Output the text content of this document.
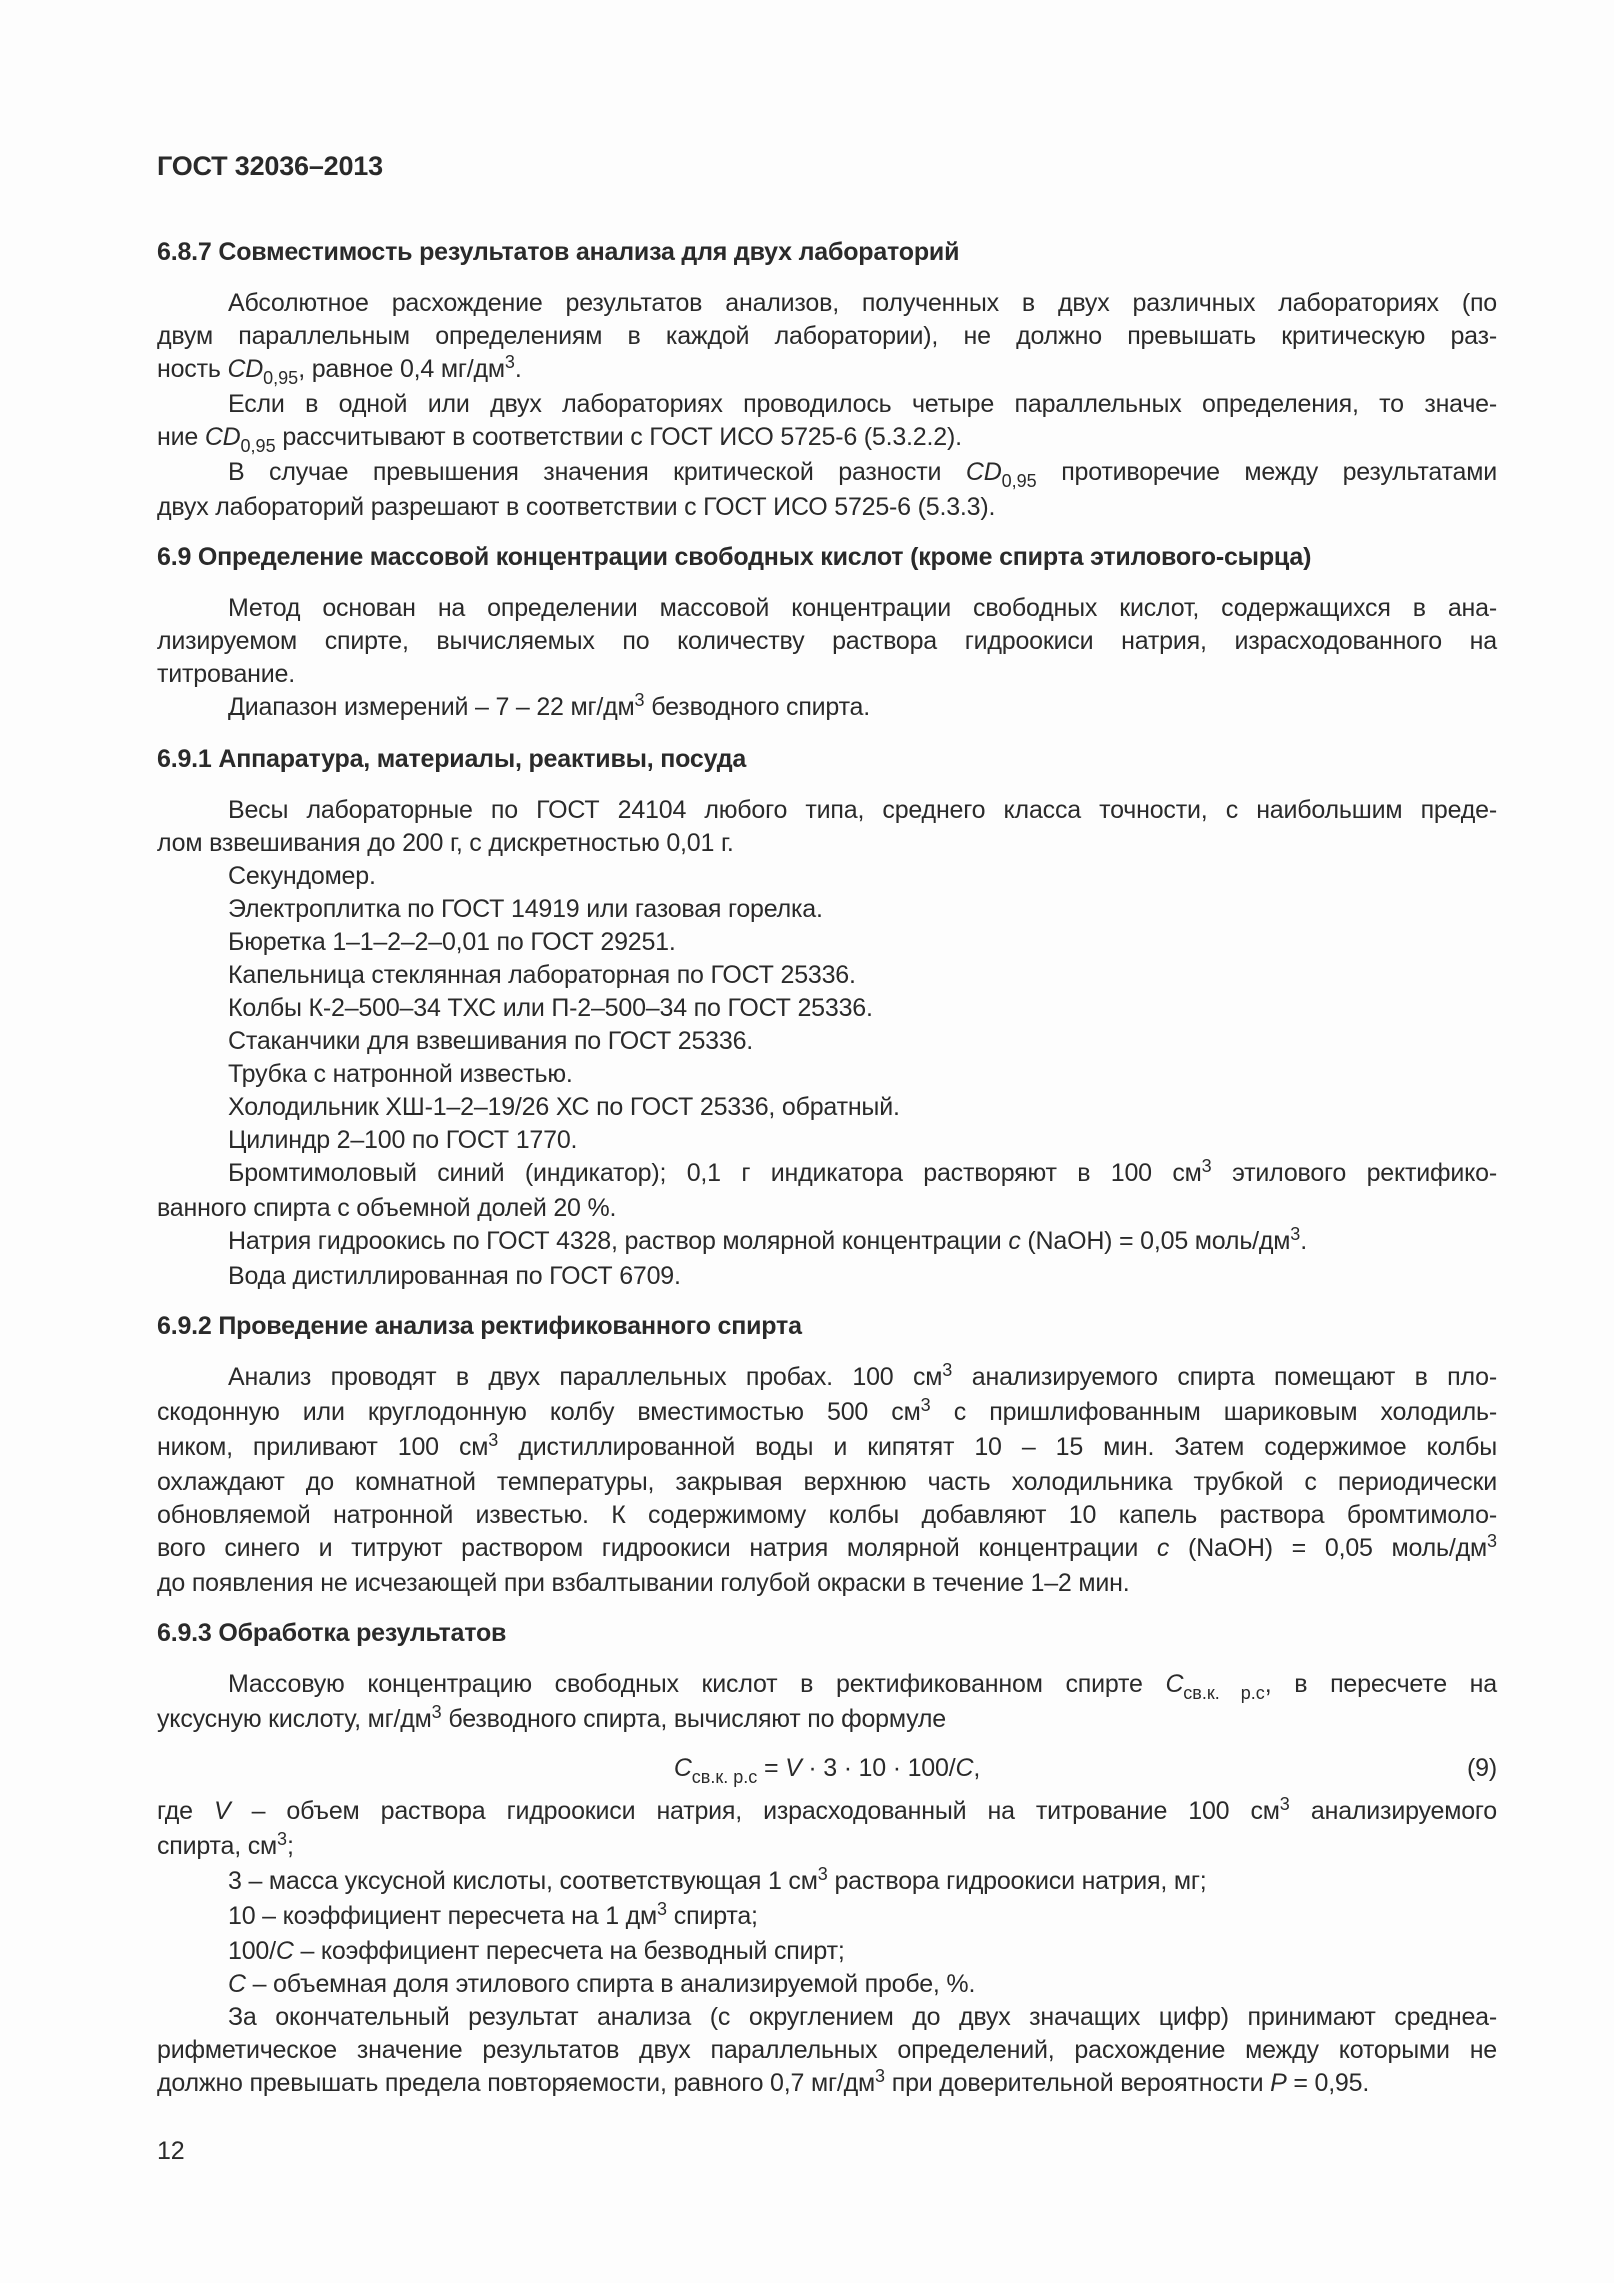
ГОСТ 32036–2013

6.8.7 Совместимость результатов анализа для двух лабораторий

Абсолютное расхождение результатов анализов, полученных в двух различных лабораториях (по
двум параллельным определениям в каждой лаборатории), не должно превышать критическую раз-
ность $CD_{0,95}$, равное 0,4 $мг/дм^3$.
Если в одной или двух лабораториях проводилось четыре параллельных определения, то значе-
ние $CD_{0,95}$ рассчитывают в соответствии с ГОСТ ИСО 5725-6 (5.3.2.2).
В случае превышения значения критической разности $CD_{0,95}$ противоречие между результатами
двух лабораторий разрешают в соответствии с ГОСТ ИСО 5725-6 (5.3.3).

6.9 Определение массовой концентрации свободных кислот (кроме спирта этилового-сырца)

Метод основан на определении массовой концентрации свободных кислот, содержащихся в ана-
лизируемом спирте, вычисляемых по количеству раствора гидроокиси натрия, израсходованного на
титрование.
Диапазон измерений – 7 – 22 $мг/дм^3$ безводного спирта.

6.9.1 Аппаратура, материалы, реактивы, посуда

Весы лабораторные по ГОСТ 24104 любого типа, среднего класса точности, с наибольшим преде-
лом взвешивания до 200 г, с дискретностью 0,01 г.
Секундомер.
Электроплитка по ГОСТ 14919 или газовая горелка.
Бюретка 1–1–2–2–0,01 по ГОСТ 29251.
Капельница стеклянная лабораторная по ГОСТ 25336.
Колбы К-2–500–34 ТХС или П-2–500–34 по ГОСТ 25336.
Стаканчики для взвешивания по ГОСТ 25336.
Трубка с натронной известью.
Холодильник ХШ-1–2–19/26 ХС по ГОСТ 25336, обратный.
Цилиндр 2–100 по ГОСТ 1770.
Бромтимоловый синий (индикатор); 0,1 г индикатора растворяют в 100 $см^3$ этилового ректифико-
ванного спирта с объемной долей 20 %.
Натрия гидроокись по ГОСТ 4328, раствор молярной концентрации c (NaOH) = 0,05 моль/$дм^3$.
Вода дистиллированная по ГОСТ 6709.

6.9.2 Проведение анализа ректификованного спирта

Анализ проводят в двух параллельных пробах. 100 $см^3$ анализируемого спирта помещают в пло-
скодонную или круглодонную колбу вместимостью 500 $см^3$ с пришлифованным шариковым холодиль-
ником, приливают 100 $см^3$ дистиллированной воды и кипятят 10 – 15 мин. Затем содержимое колбы
охлаждают до комнатной температуры, закрывая верхнюю часть холодильника трубкой с периодически
обновляемой натронной известью. К содержимому колбы добавляют 10 капель раствора бромтимоло-
вого синего и титруют раствором гидроокиси натрия молярной концентрации c (NaOH) = 0,05 моль/$дм^3$
до появления не исчезающей при взбалтывании голубой окраски в течение 1–2 мин.

6.9.3 Обработка результатов

Массовую концентрацию свободных кислот в ректификованном спирте $C_{св.к. р.с}$, в пересчете на
уксусную кислоту, $мг/дм^3$ безводного спирта, вычисляют по формуле
$C_{св.к. р.с} = V \cdot 3 \cdot 10 \cdot 100/C$,	(9)
где V – объем раствора гидроокиси натрия, израсходованный на титрование 100 $см^3$ анализируемого
спирта, $см^3$;
3 – масса уксусной кислоты, соответствующая 1 $см^3$ раствора гидроокиси натрия, мг;
10 – коэффициент пересчета на 1 $дм^3$ спирта;
100/C – коэффициент пересчета на безводный спирт;
C – объемная доля этилового спирта в анализируемой пробе, %.
За окончательный результат анализа (с округлением до двух значащих цифр) принимают среднеа-
рифметическое значение результатов двух параллельных определений, расхождение между которыми не
должно превышать предела повторяемости, равного 0,7 $мг/дм^3$ при доверительной вероятности P = 0,95.
12
